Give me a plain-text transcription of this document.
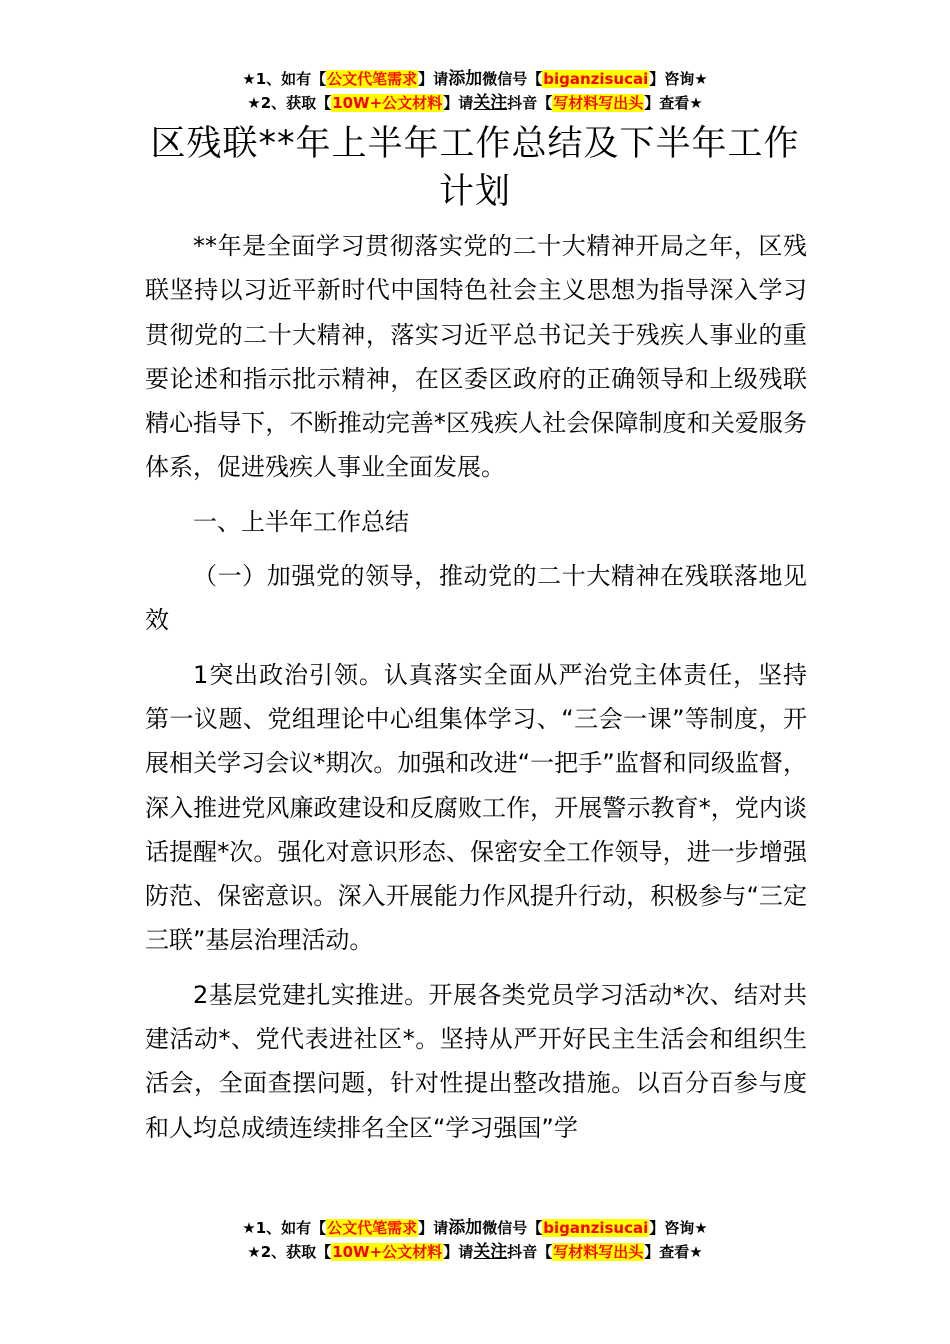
★1、如有【公文代笔需求】请添加微信号【biganzisucai】咨询★
★2、获取【10W+公文材料】请关注抖音【写材料写出头】查看★
区残联**年上半年工作总结及下半年工作计划

**年是全面学习贯彻落实党的二十大精神开局之年，区残联坚持以习近平新时代中国特色社会主义思想为指导深入学习贯彻党的二十大精神，落实习近平总书记关于残疾人事业的重要论述和指示批示精神，在区委区政府的正确领导和上级残联精心指导下，不断推动完善*区残疾人社会保障制度和关爱服务体系，促进残疾人事业全面发展。

一、上半年工作总结

（一）加强党的领导，推动党的二十大精神在残联落地见效

1突出政治引领。认真落实全面从严治党主体责任，坚持第一议题、党组理论中心组集体学习、“三会一课”等制度，开展相关学习会议*期次。加强和改进“一把手”监督和同级监督，深入推进党风廉政建设和反腐败工作，开展警示教育*，党内谈话提醒*次。强化对意识形态、保密安全工作领导，进一步增强防范、保密意识。深入开展能力作风提升行动，积极参与“三定三联”基层治理活动。

2基层党建扎实推进。开展各类党员学习活动*次、结对共建活动*、党代表进社区*。坚持从严开好民主生活会和组织生活会，全面查摆问题，针对性提出整改措施。以百分百参与度和人均总成绩连续排名全区“学习强国”学

★1、如有【公文代笔需求】请添加微信号【biganzisucai】咨询★
★2、获取【10W+公文材料】请关注抖音【写材料写出头】查看★
